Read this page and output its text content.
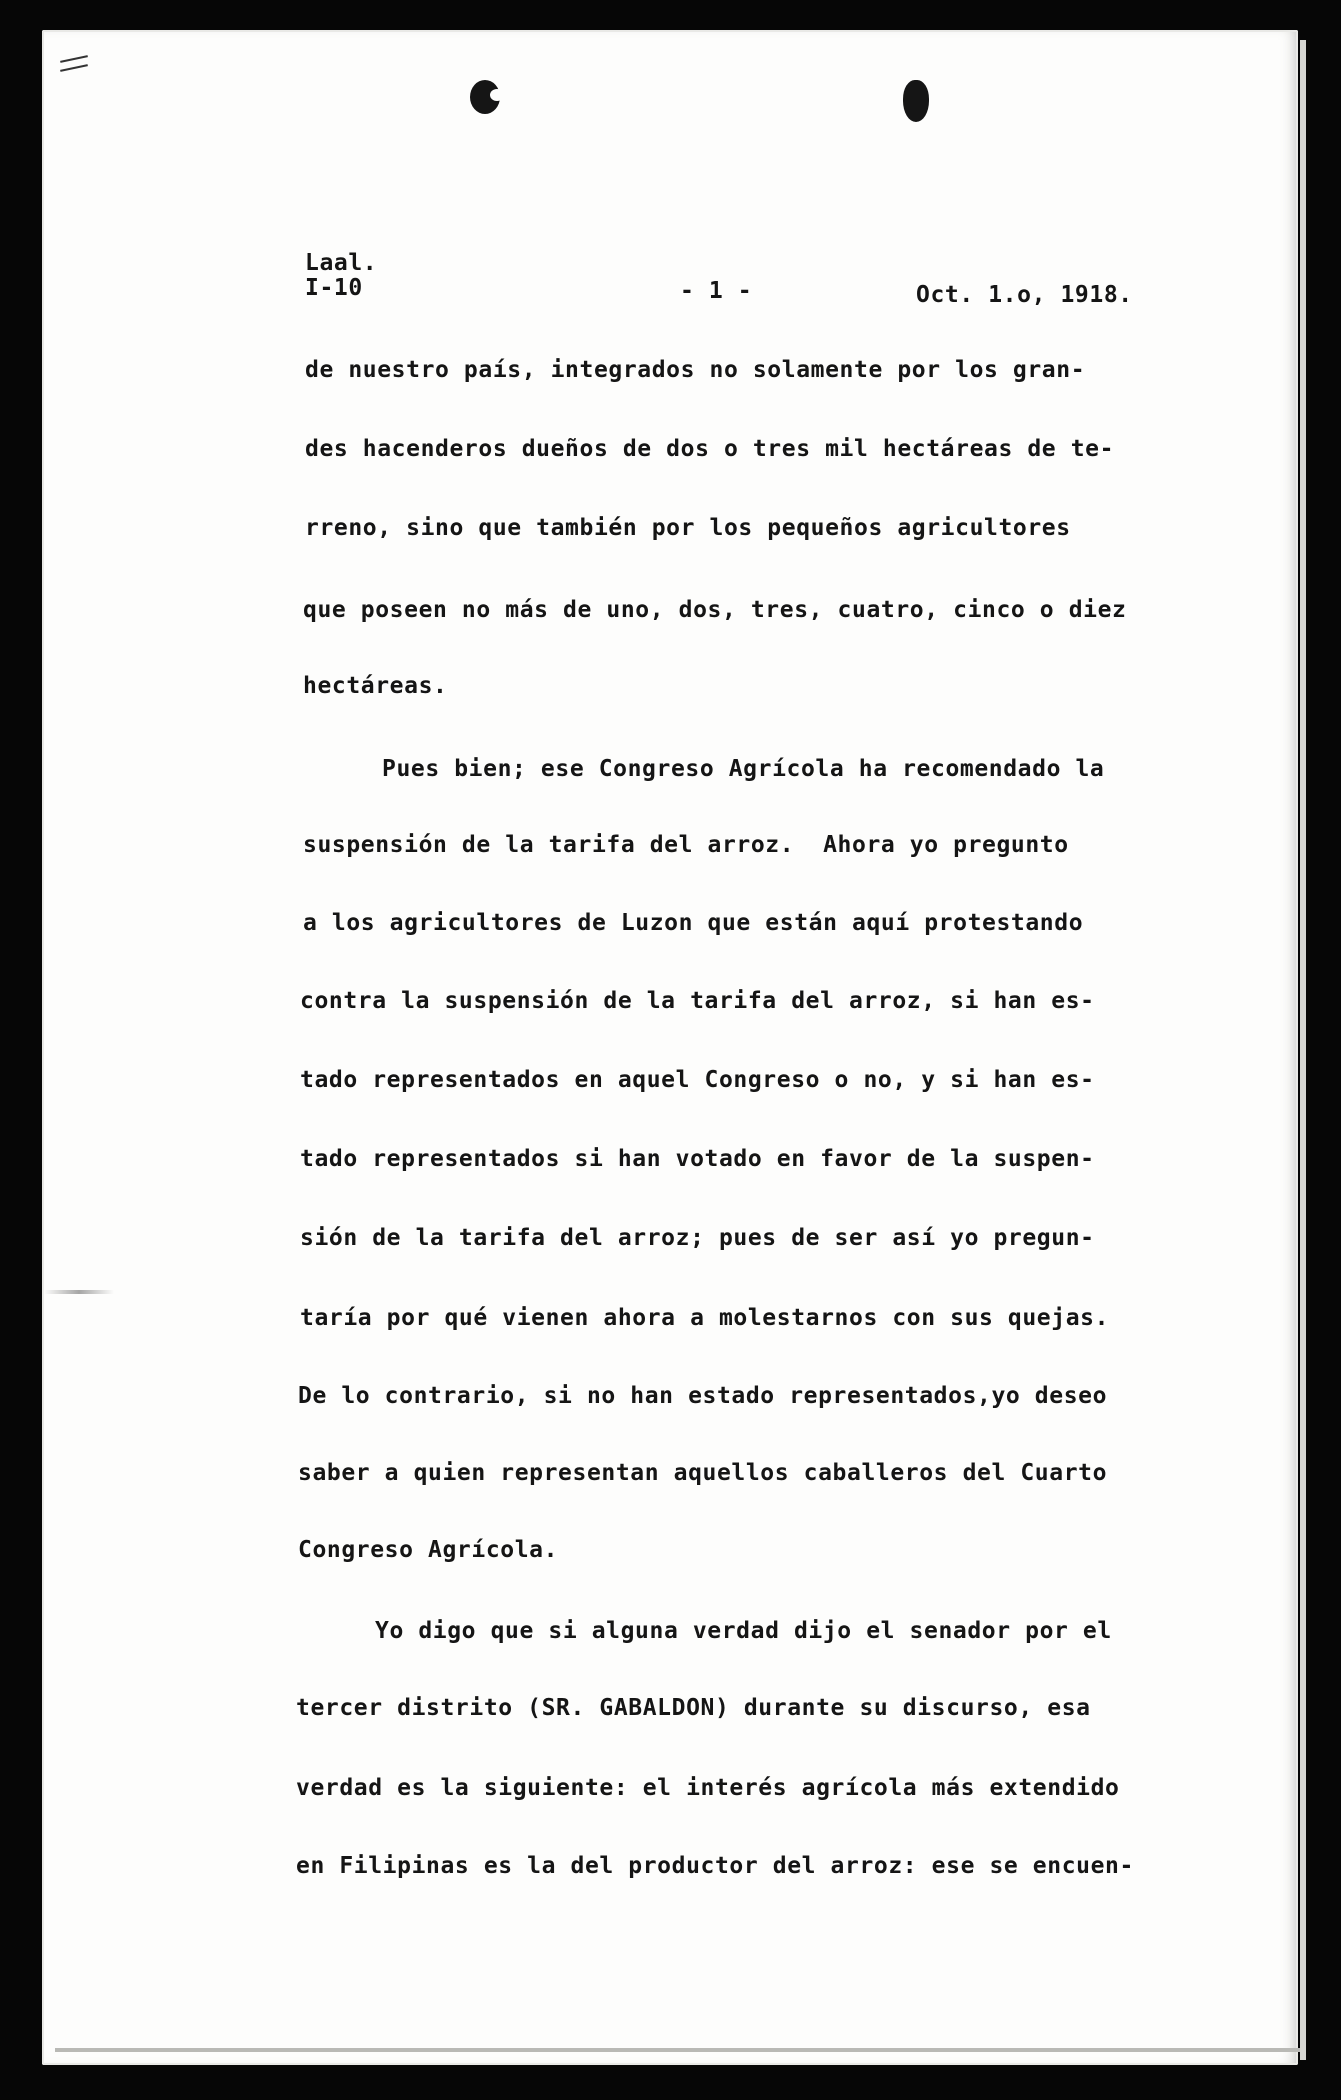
Laal.
I-10	- 1 -	Oct. 1.o, 1918.
de nuestro país, integrados no solamente por los gran-
des hacenderos dueños de dos o tres mil hectáreas de te-
rreno, sino que también por los pequeños agricultores
que poseen no más de uno, dos, tres, cuatro, cinco o diez
hectáreas.
Pues bien; ese Congreso Agrícola ha recomendado la
suspensión de la tarifa del arroz.  Ahora yo pregunto
a los agricultores de Luzon que están aquí protestando
contra la suspensión de la tarifa del arroz, si han es-
tado representados en aquel Congreso o no, y si han es-
tado representados si han votado en favor de la suspen-
sión de la tarifa del arroz; pues de ser así yo pregun-
taría por qué vienen ahora a molestarnos con sus quejas.
De lo contrario, si no han estado representados,yo deseo
saber a quien representan aquellos caballeros del Cuarto
Congreso Agrícola.
Yo digo que si alguna verdad dijo el senador por el
tercer distrito (SR. GABALDON) durante su discurso, esa
verdad es la siguiente: el interés agrícola más extendido
en Filipinas es la del productor del arroz: ese se encuen-
